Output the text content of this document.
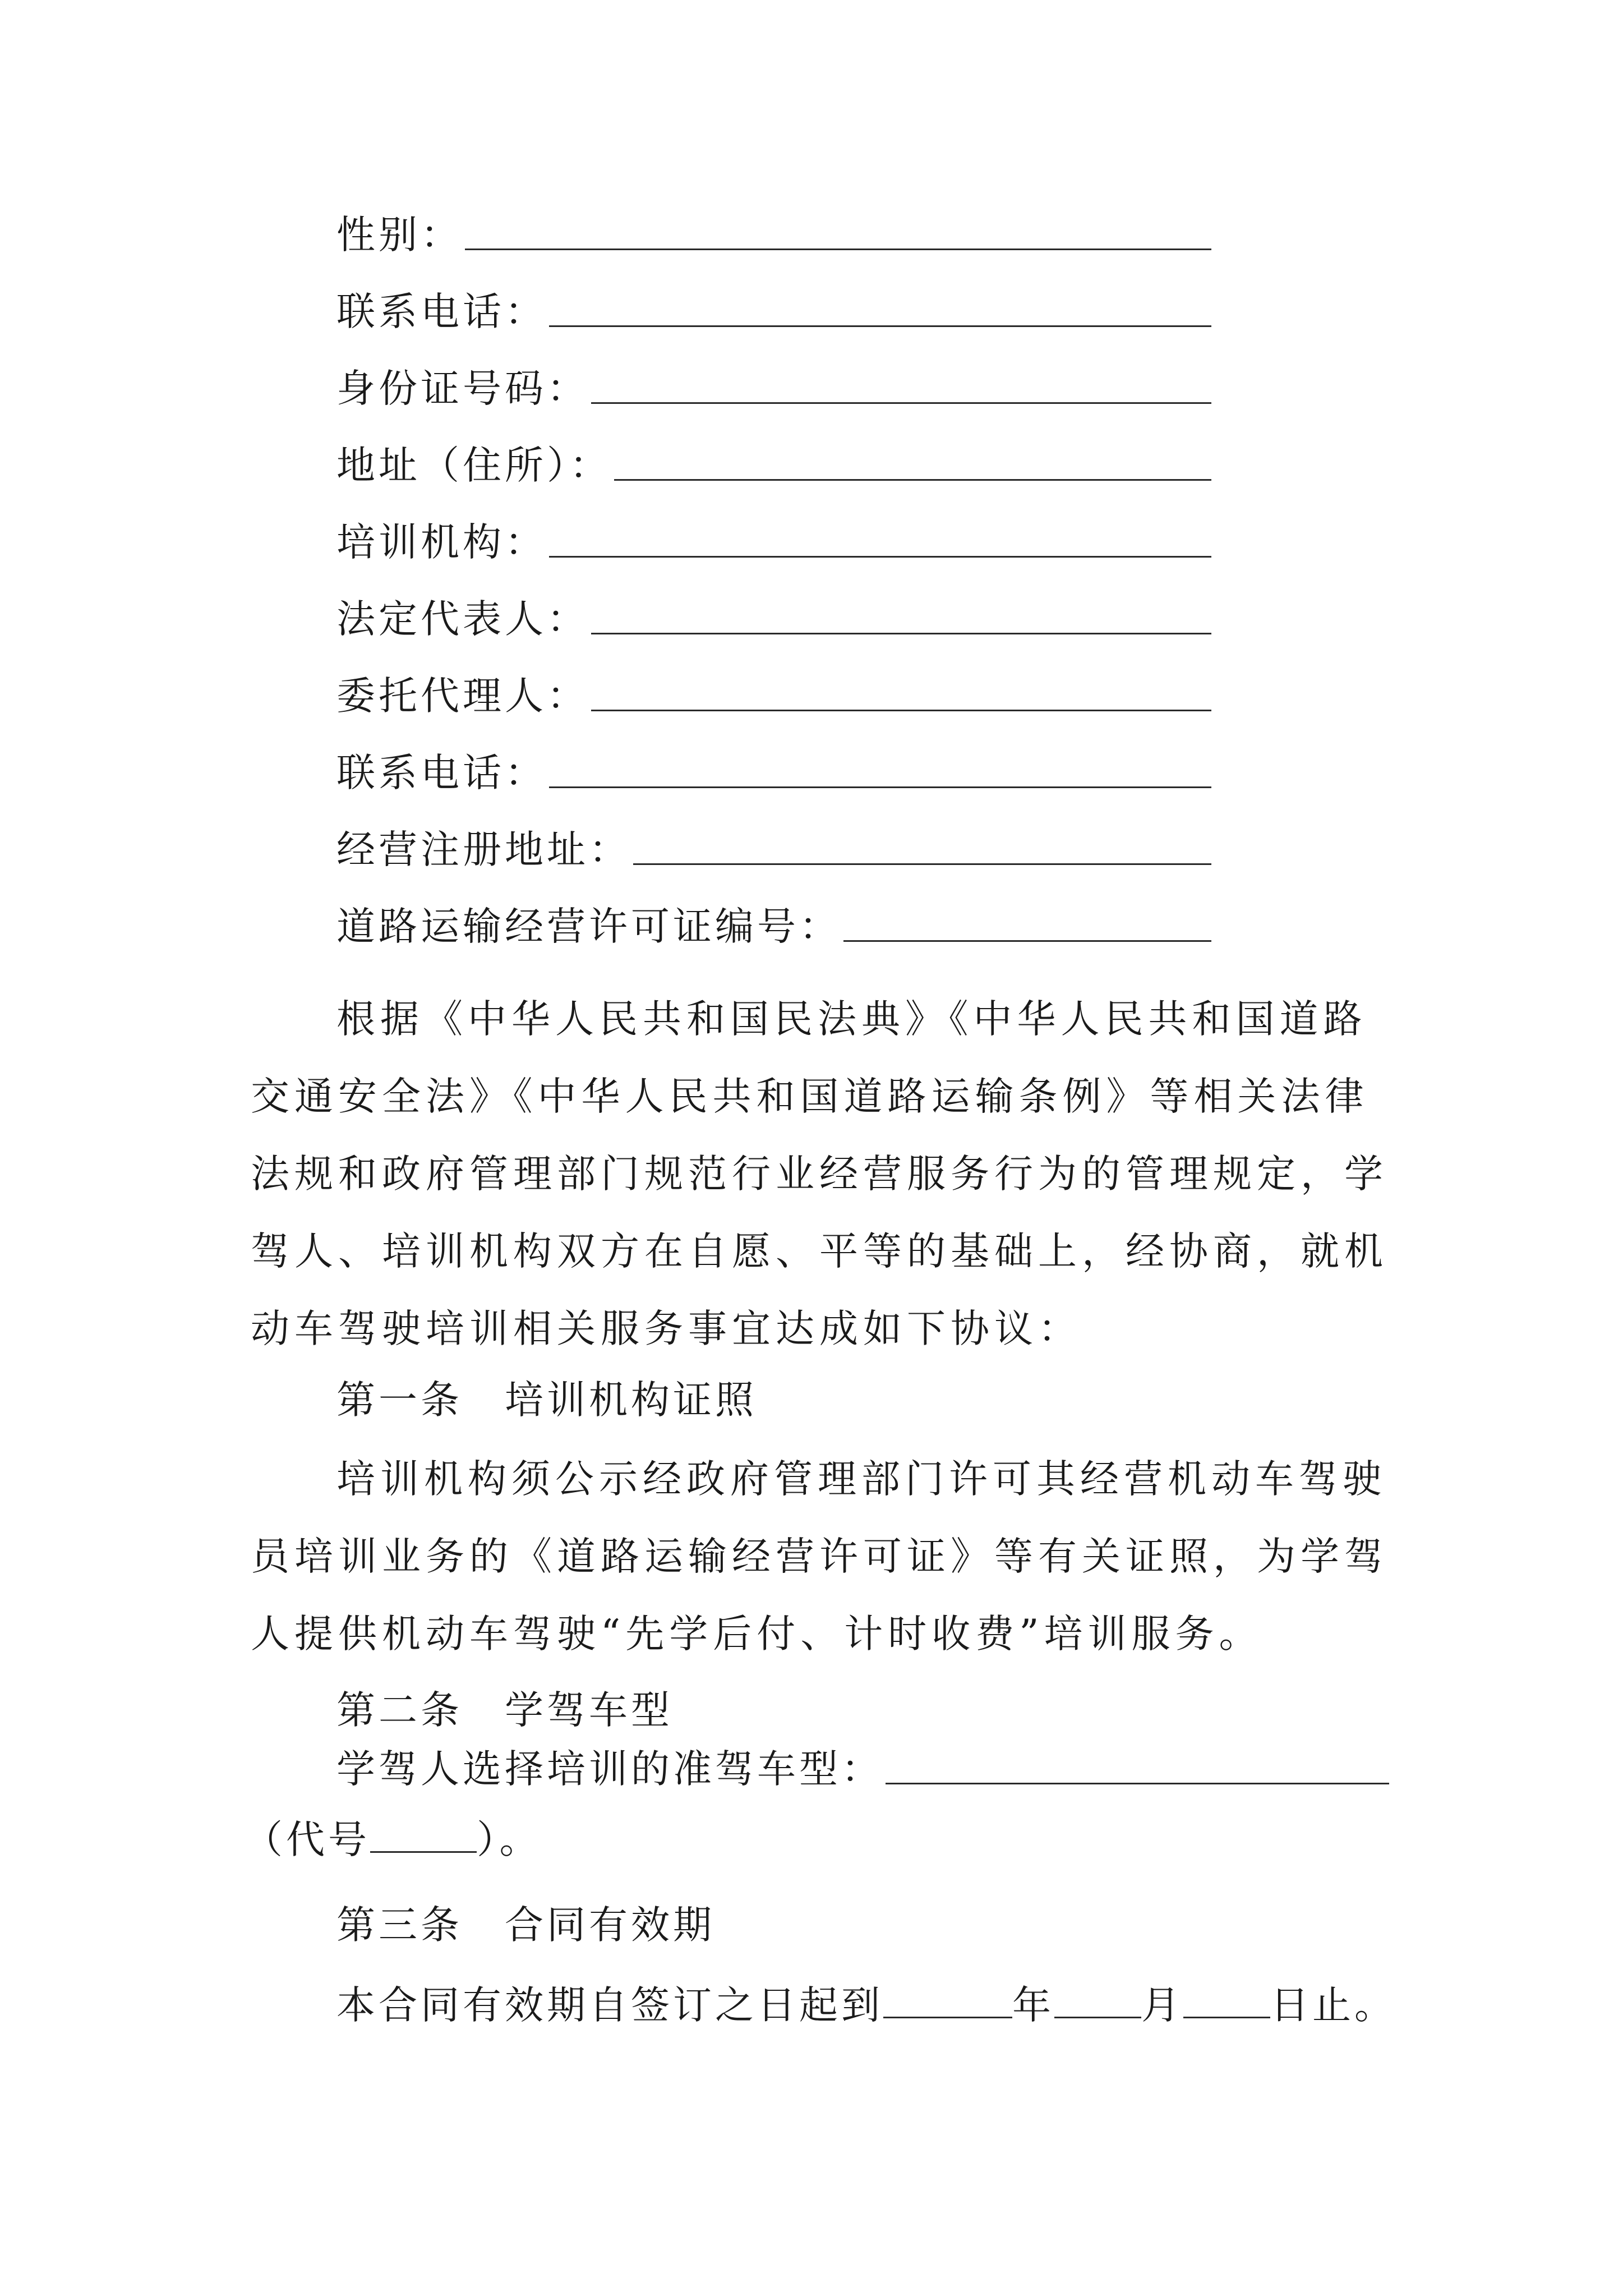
性别：
联系电话：
身份证号码：
地址（住所）：
培训机构：
法定代表人：
委托代理人：
联系电话：
经营注册地址：
道路运输经营许可证编号：

根据《中华人民共和国民法典》《中华人民共和国道路交通安全法》《中华人民共和国道路运输条例》等相关法律法规和政府管理部门规范行业经营服务行为的管理规定，学驾人、培训机构双方在自愿、平等的基础上，经协商，就机动车驾驶培训相关服务事宜达成如下协议：

第一条　培训机构证照

培训机构须公示经政府管理部门许可其经营机动车驾驶员培训业务的《道路运输经营许可证》等有关证照，为学驾人提供机动车驾驶“先学后付、计时收费”培训服务。

第二条　学驾车型

学驾人选择培训的准驾车型：
（代号	）。

第三条　合同有效期

本合同有效期自签订之日起到	年 月 日止。
